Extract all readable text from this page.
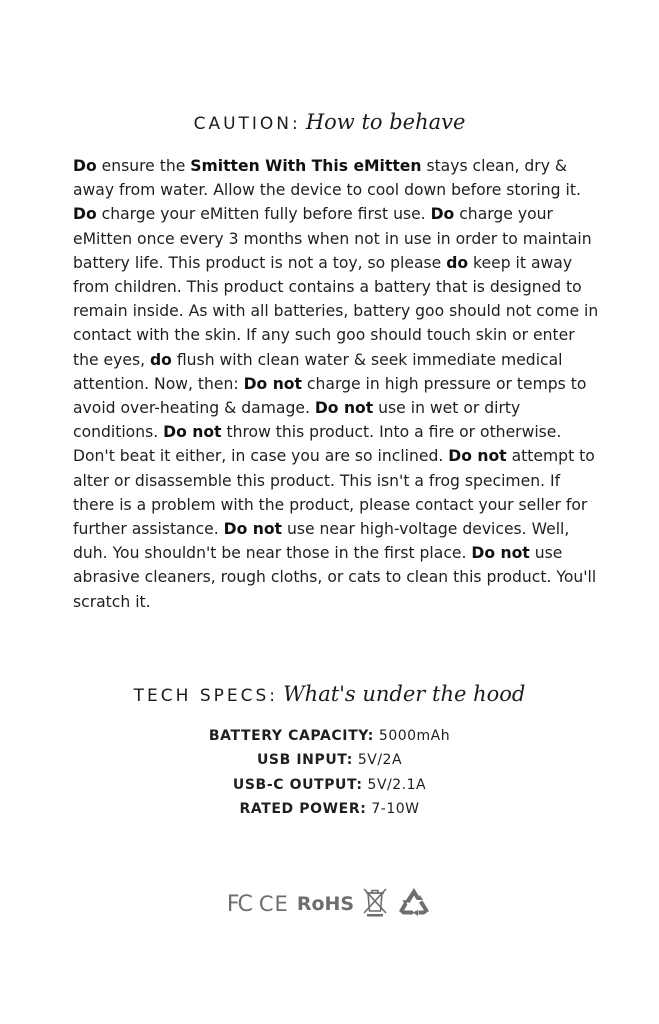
CAUTION: How to behave
Do ensure the Smitten With This eMitten stays clean, dry & away from water. Allow the device to cool down before storing it. Do charge your eMitten fully before first use. Do charge your eMitten once every 3 months when not in use in order to maintain battery life. This product is not a toy, so please do keep it away from children. This product contains a battery that is designed to remain inside. As with all batteries, battery goo should not come in contact with the skin. If any such goo should touch skin or enter the eyes, do flush with clean water & seek immediate medical attention. Now, then: Do not charge in high pressure or temps to avoid over-heating & damage. Do not use in wet or dirty conditions. Do not throw this product. Into a fire or otherwise. Don't beat it either, in case you are so inclined. Do not attempt to alter or disassemble this product. This isn't a frog specimen. If there is a problem with the product, please contact your seller for further assistance. Do not use near high-voltage devices. Well, duh. You shouldn't be near those in the first place. Do not use abrasive cleaners, rough cloths, or cats to clean this product. You'll scratch it.
TECH SPECS: What's under the hood
BATTERY CAPACITY: 5000mAh
USB INPUT: 5V/2A
USB-C OUTPUT: 5V/2.1A
RATED POWER: 7-10W
FC CE RoHS
